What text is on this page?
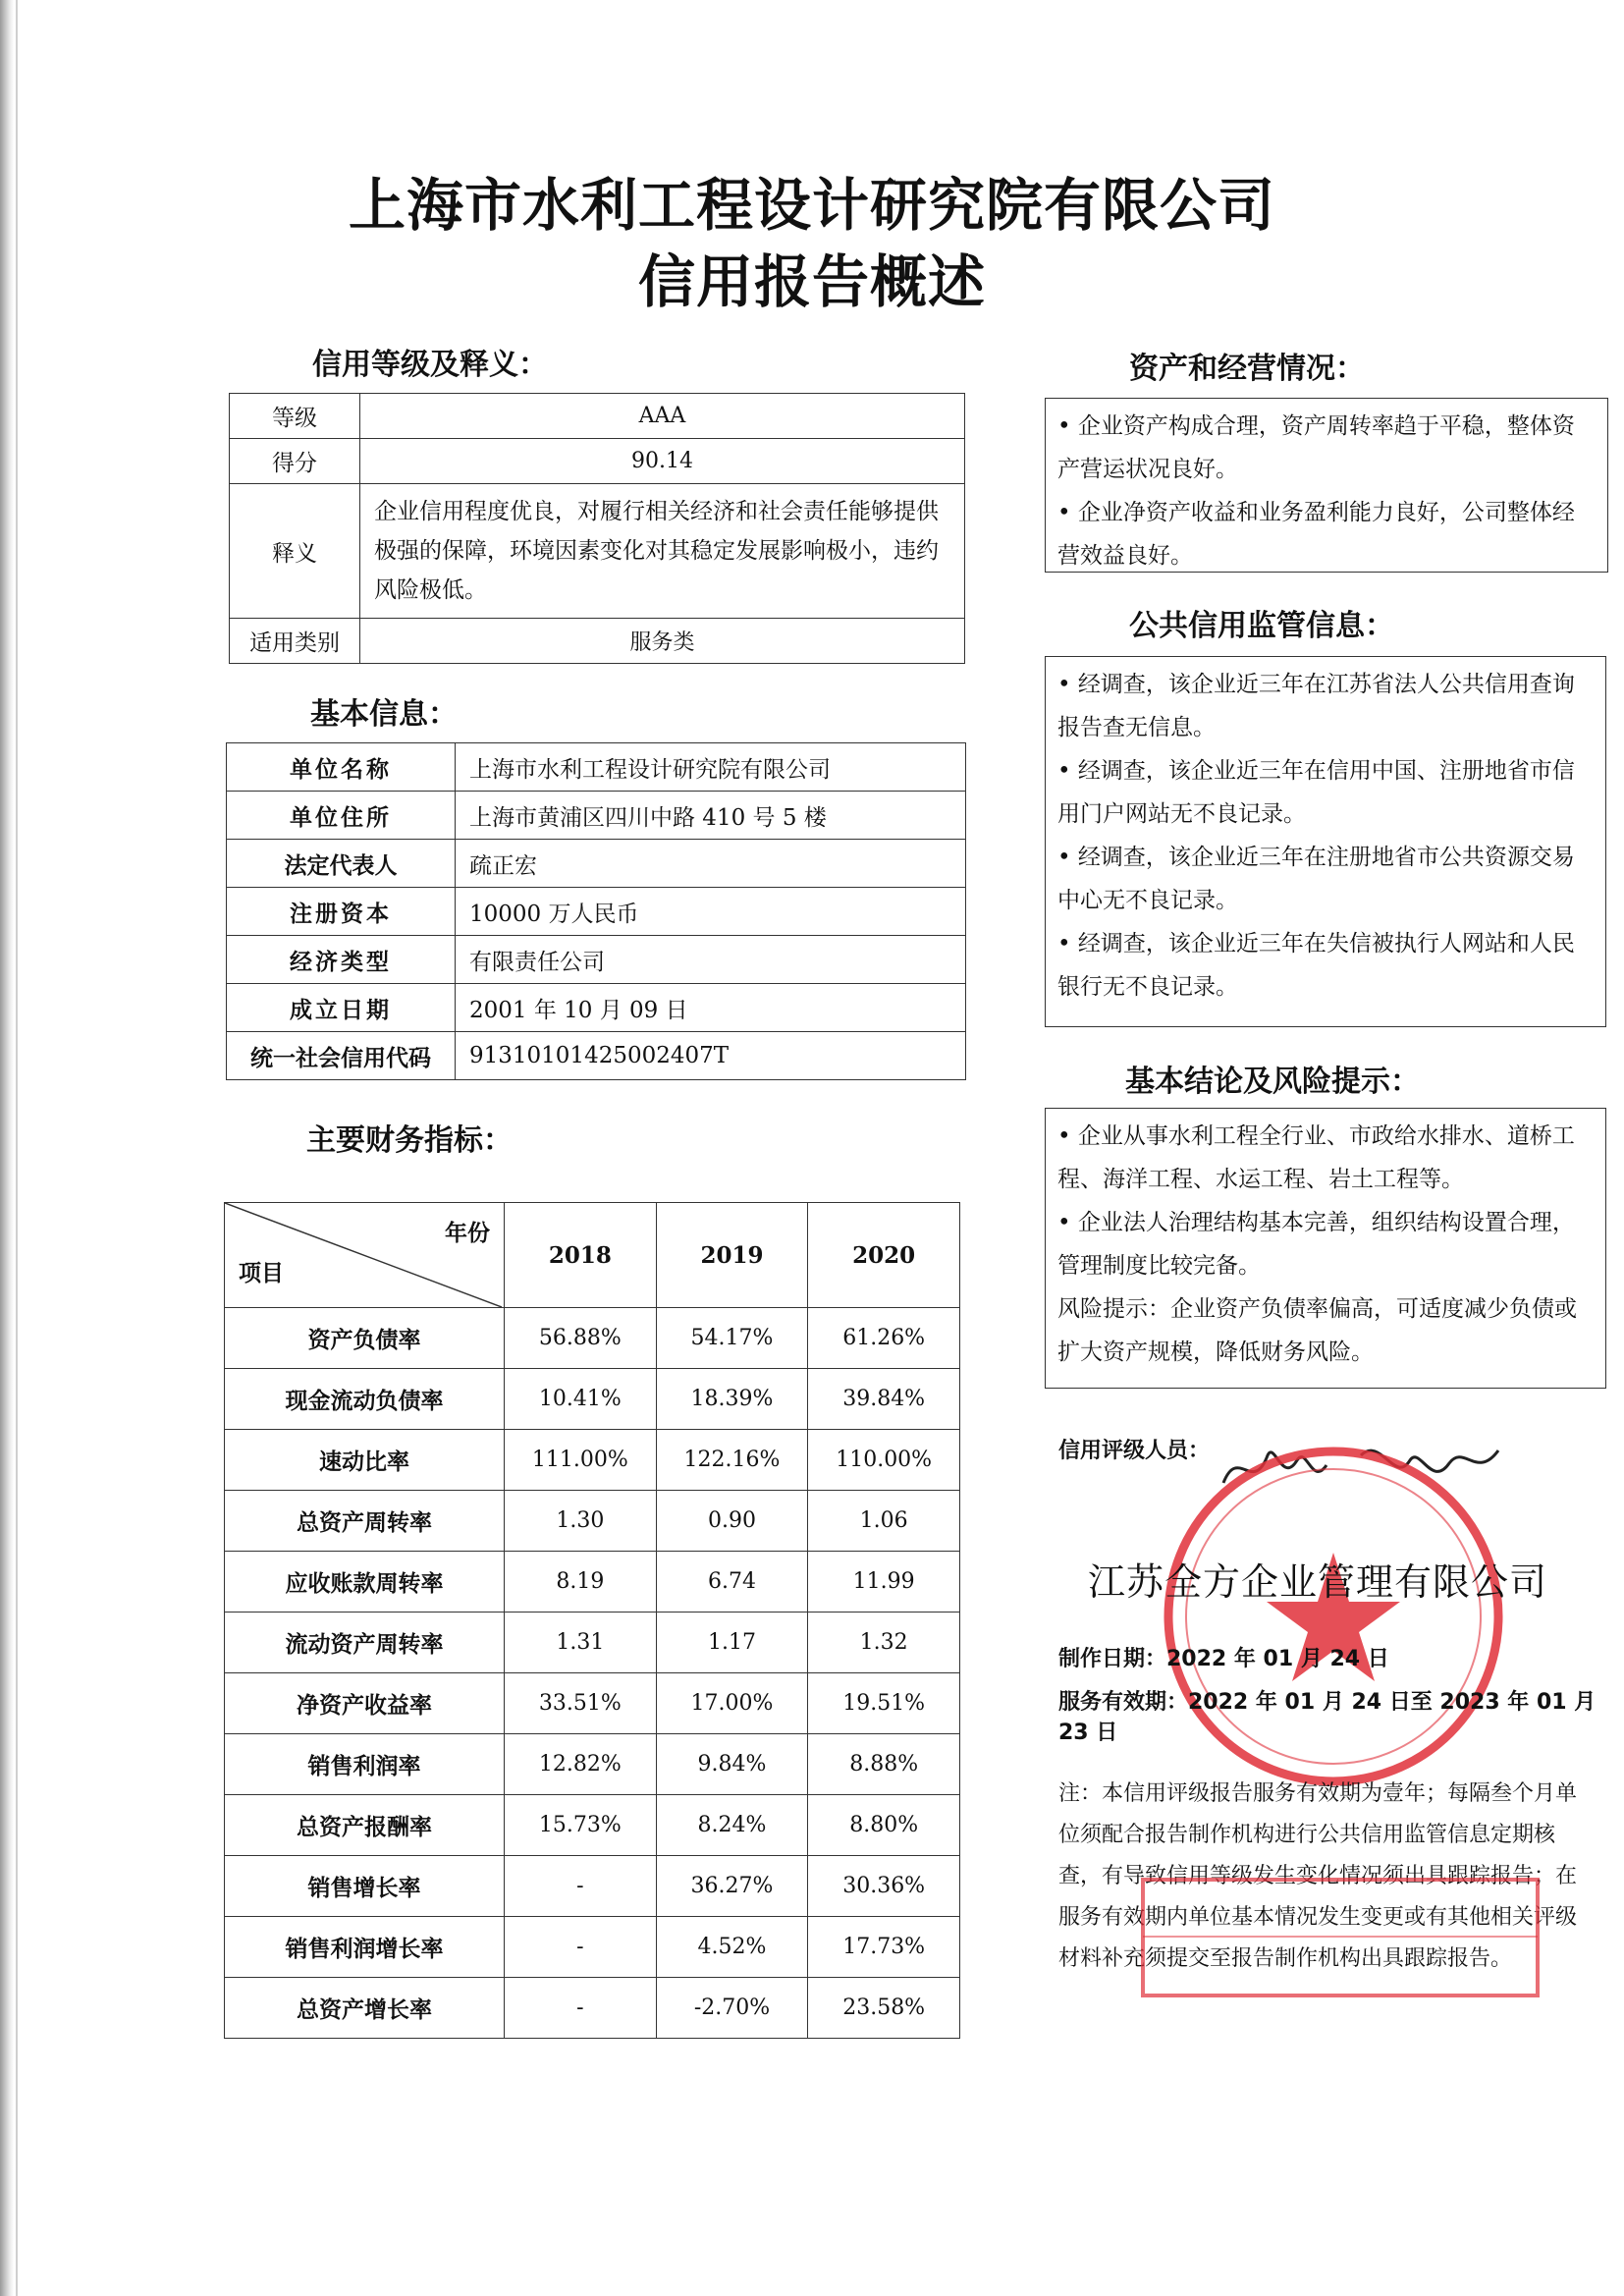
上海市水利工程设计研究院有限公司
信用报告概述
信用等级及释义：
等级	AAA
得分	90.14
释义	企业信用程度优良，对履行相关经济和社会责任能够提供极强的保障，环境因素变化对其稳定发展影响极小，违约风险极低。
适用类别	服务类
基本信息：
单位名称	上海市水利工程设计研究院有限公司
单位住所	上海市黄浦区四川中路 410 号 5 楼
法定代表人	疏正宏
注册资本	10000 万人民币
经济类型	有限责任公司
成立日期	2001 年 10 月 09 日
统一社会信用代码	91310101425002407T
主要财务指标：
年份
项目	2018	2019	2020
资产负债率	56.88%	54.17%	61.26%
现金流动负债率	10.41%	18.39%	39.84%
速动比率	111.00%	122.16%	110.00%
总资产周转率	1.30	0.90	1.06
应收账款周转率	8.19	6.74	11.99
流动资产周转率	1.31	1.17	1.32
净资产收益率	33.51%	17.00%	19.51%
销售利润率	12.82%	9.84%	8.88%
总资产报酬率	15.73%	8.24%	8.80%
销售增长率	-	36.27%	30.36%
销售利润增长率	-	4.52%	17.73%
总资产增长率	-	-2.70%	23.58%
资产和经营情况：

• 企业资产构成合理，资产周转率趋于平稳，整体资产营运状况良好。

• 企业净资产收益和业务盈利能力良好，公司整体经营效益良好。

公共信用监管信息：

• 经调查，该企业近三年在江苏省法人公共信用查询报告查无信息。

• 经调查，该企业近三年在信用中国、注册地省市信用门户网站无不良记录。

• 经调查，该企业近三年在注册地省市公共资源交易中心无不良记录。

• 经调查，该企业近三年在失信被执行人网站和人民银行无不良记录。

基本结论及风险提示：

• 企业从事水利工程全行业、市政给水排水、道桥工程、海洋工程、水运工程、岩土工程等。

• 企业法人治理结构基本完善，组织结构设置合理，管理制度比较完备。

风险提示：企业资产负债率偏高，可适度减少负债或扩大资产规模，降低财务风险。

信用评级人员：
江苏全方企业管理有限公司
制作日期：2022 年 01 月 24 日
服务有效期：2022 年 01 月 24 日至 2023 年 01 月 23 日
注：本信用评级报告服务有效期为壹年；每隔叁个月单位须配合报告制作机构进行公共信用监管信息定期核查，有导致信用等级发生变化情况须出具跟踪报告；在服务有效期内单位基本情况发生变更或有其他相关评级材料补充须提交至报告制作机构出具跟踪报告。
